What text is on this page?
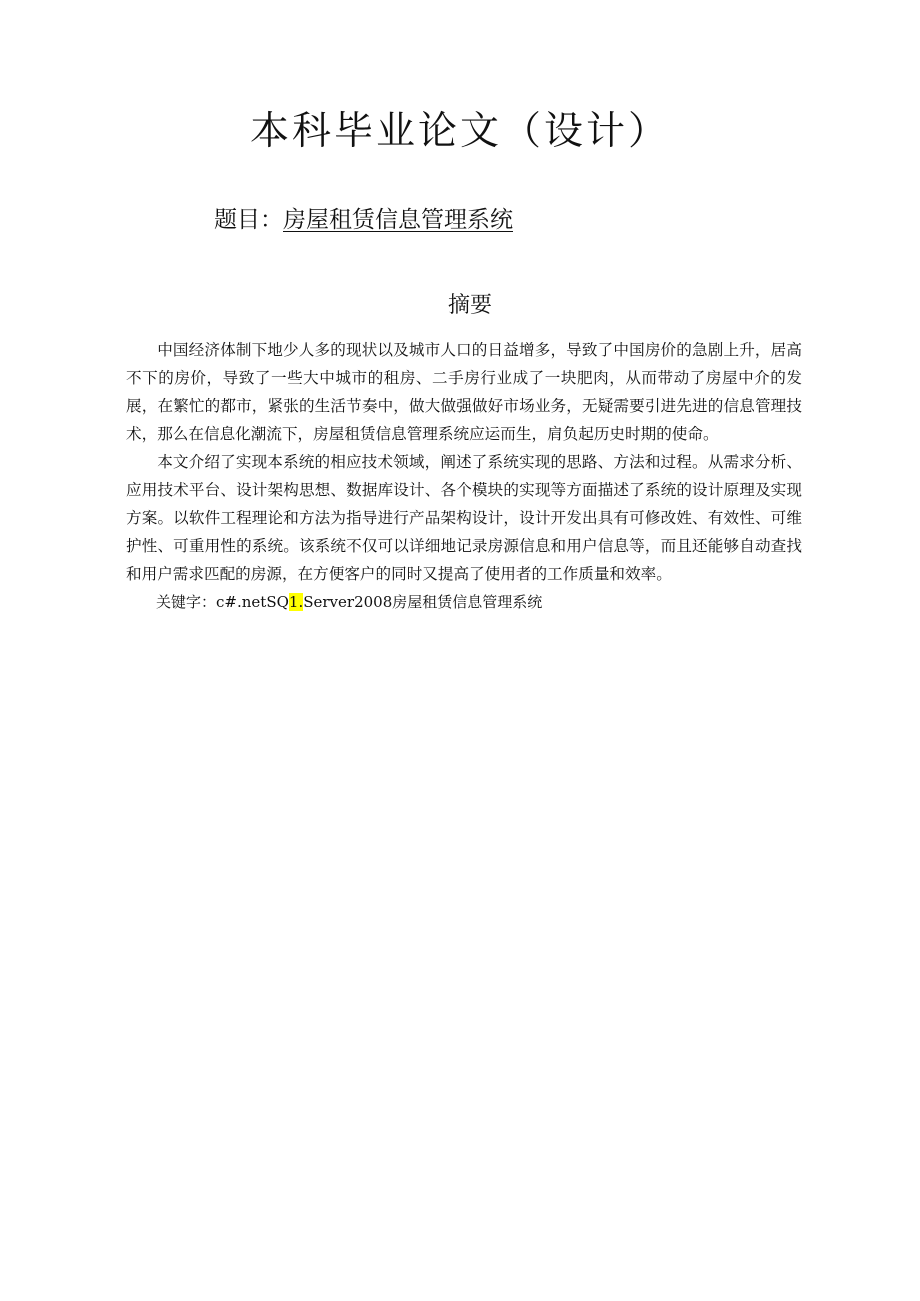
本科毕业论文（设计）
题目：房屋租赁信息管理系统
摘要

中国经济体制下地少人多的现状以及城市人口的日益增多，导致了中国房价的急剧上升，居高不下的房价，导致了一些大中城市的租房、二手房行业成了一块肥肉，从而带动了房屋中介的发展，在繁忙的都市，紧张的生活节奏中，做大做强做好市场业务，无疑需要引进先进的信息管理技术，那么在信息化潮流下，房屋租赁信息管理系统应运而生，肩负起历史时期的使命。

本文介绍了实现本系统的相应技术领域，阐述了系统实现的思路、方法和过程。从需求分析、应用技术平台、设计架构思想、数据库设计、各个模块的实现等方面描述了系统的设计原理及实现方案。以软件工程理论和方法为指导进行产品架构设计，设计开发出具有可修改姓、有效性、可维护性、可重用性的系统。该系统不仅可以详细地记录房源信息和用户信息等，而且还能够自动查找和用户需求匹配的房源，在方便客户的同时又提高了使用者的工作质量和效率。

关键字：c#.netSQ1.Server2008房屋租赁信息管理系统
